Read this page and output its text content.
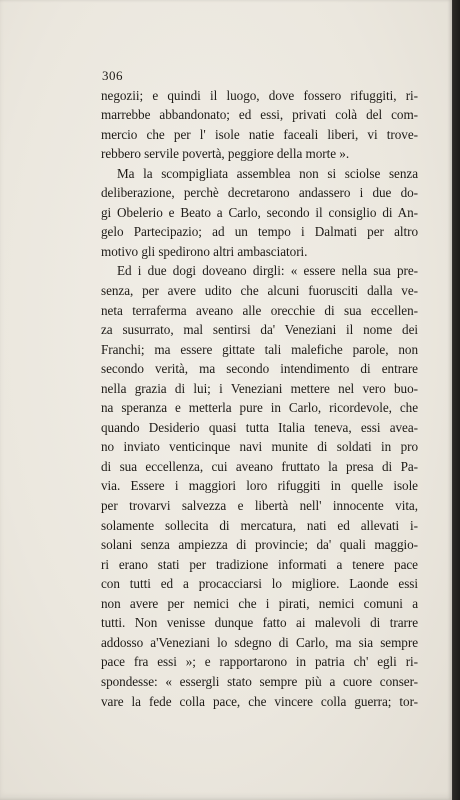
306
negozii; e quindi il luogo, dove fossero rifuggiti, ri-
marrebbe abbandonato; ed essi, privati colà del com-
mercio che per l' isole natie faceali liberi, vi trove-
rebbero servile povertà, peggiore della morte ».
Ma la scompigliata assemblea non si sciolse senza
deliberazione, perchè decretarono andassero i due do-
gi Obelerio e Beato a Carlo, secondo il consiglio di An-
gelo Partecipazio; ad un tempo i Dalmati per altro
motivo gli spedirono altri ambasciatori.
Ed i due dogi doveano dirgli: « essere nella sua pre-
senza, per avere udito che alcuni fuorusciti dalla ve-
neta terraferma aveano alle orecchie di sua eccellen-
za susurrato, mal sentirsi da' Veneziani il nome dei
Franchi; ma essere gittate tali malefiche parole, non
secondo verità, ma secondo intendimento di entrare
nella grazia di lui; i Veneziani mettere nel vero buo-
na speranza e metterla pure in Carlo, ricordevole, che
quando Desiderio quasi tutta Italia teneva, essi avea-
no inviato venticinque navi munite di soldati in pro
di sua eccellenza, cui aveano fruttato la presa di Pa-
via. Essere i maggiori loro rifuggiti in quelle isole
per trovarvi salvezza e libertà nell' innocente vita,
solamente sollecita di mercatura, nati ed allevati i-
solani senza ampiezza di provincie; da' quali maggio-
ri erano stati per tradizione informati a tenere pace
con tutti ed a procacciarsi lo migliore. Laonde essi
non avere per nemici che i pirati, nemici comuni a
tutti. Non venisse dunque fatto ai malevoli di trarre
addosso a'Veneziani lo sdegno di Carlo, ma sia sempre
pace fra essi »; e rapportarono in patria ch' egli ri-
spondesse: « essergli stato sempre più a cuore conser-
vare la fede colla pace, che vincere colla guerra; tor-
